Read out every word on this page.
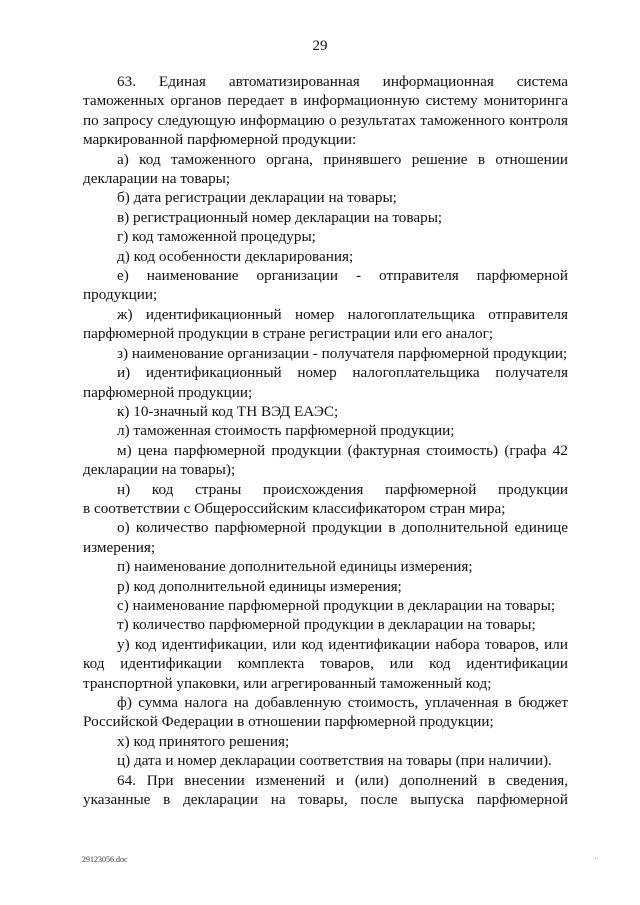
29

63. Единая автоматизированная информационная система

таможенных органов передает в информационную систему мониторинга

по запросу следующую информацию о результатах таможенного контроля

маркированной парфюмерной продукции:

а) код таможенного органа, принявшего решение в отношении

декларации на товары;

б) дата регистрации декларации на товары;

в) регистрационный номер декларации на товары;

г) код таможенной процедуры;

д) код особенности декларирования;

е) наименование организации - отправителя парфюмерной

продукции;

ж) идентификационный номер налогоплательщика отправителя

парфюмерной продукции в стране регистрации или его аналог;

з) наименование организации - получателя парфюмерной продукции;

и) идентификационный номер налогоплательщика получателя

парфюмерной продукции;

к) 10-значный код ТН ВЭД ЕАЭС;

л) таможенная стоимость парфюмерной продукции;

м) цена парфюмерной продукции (фактурная стоимость) (графа 42

декларации на товары);

н) код страны происхождения парфюмерной продукции

в соответствии с Общероссийским классификатором стран мира;

о) количество парфюмерной продукции в дополнительной единице

измерения;

п) наименование дополнительной единицы измерения;

р) код дополнительной единицы измерения;

с) наименование парфюмерной продукции в декларации на товары;

т) количество парфюмерной продукции в декларации на товары;

у) код идентификации, или код идентификации набора товаров, или

код идентификации комплекта товаров, или код идентификации

транспортной упаковки, или агрегированный таможенный код;

ф) сумма налога на добавленную стоимость, уплаченная в бюджет

Российской Федерации в отношении парфюмерной продукции;

х) код принятого решения;

ц) дата и номер декларации соответствия на товары (при наличии).

64. При внесении изменений и (или) дополнений в сведения,

указанные в декларации на товары, после выпуска парфюмерной

29123056.doc
